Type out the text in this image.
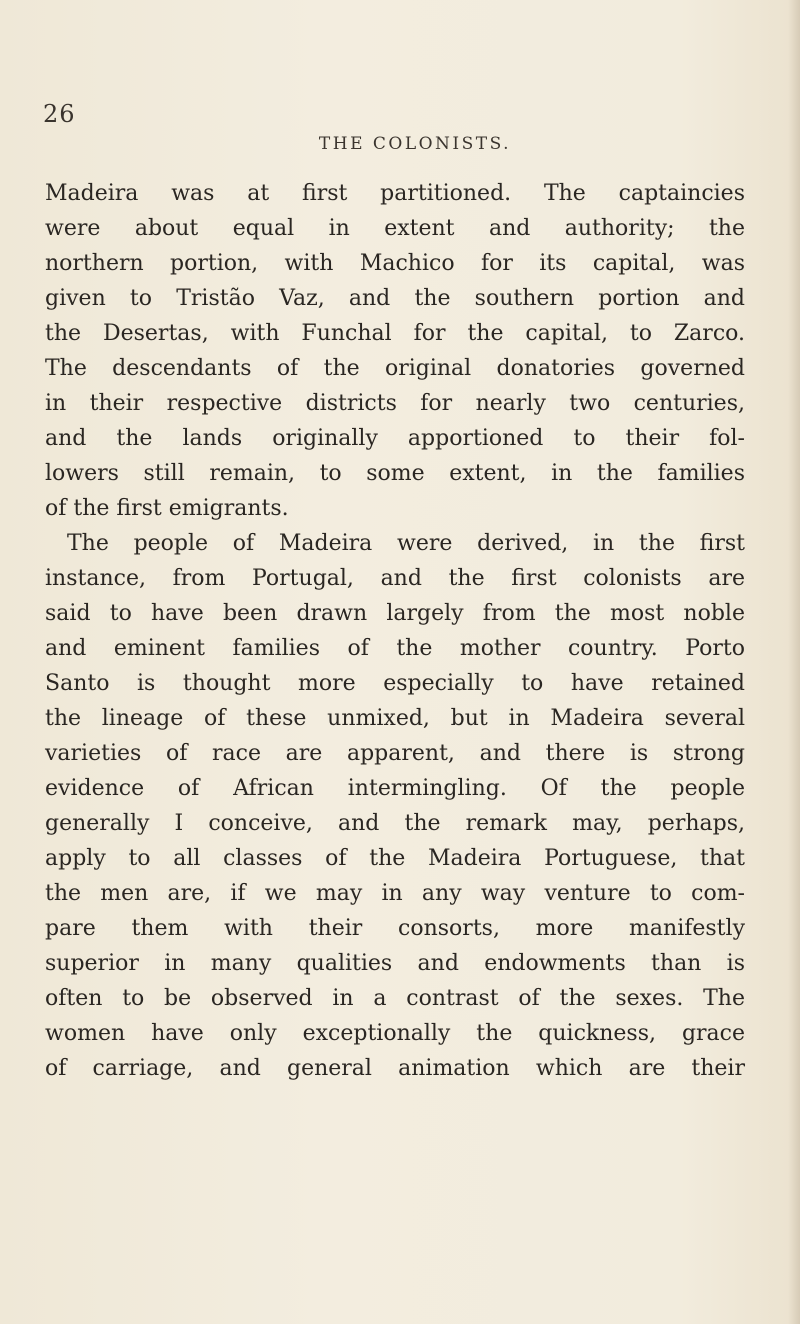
26
THE COLONISTS.
Madeira was at first partitioned. The captaincies
were about equal in extent and authority; the
northern portion, with Machico for its capital, was
given to Tristão Vaz, and the southern portion and
the Desertas, with Funchal for the capital, to Zarco.
The descendants of the original donatories governed
in their respective districts for nearly two centuries,
and the lands originally apportioned to their fol-
lowers still remain, to some extent, in the families
of the first emigrants.
The people of Madeira were derived, in the first
instance, from Portugal, and the first colonists are
said to have been drawn largely from the most noble
and eminent families of the mother country. Porto
Santo is thought more especially to have retained
the lineage of these unmixed, but in Madeira several
varieties of race are apparent, and there is strong
evidence of African intermingling. Of the people
generally I conceive, and the remark may, perhaps,
apply to all classes of the Madeira Portuguese, that
the men are, if we may in any way venture to com-
pare them with their consorts, more manifestly
superior in many qualities and endowments than is
often to be observed in a contrast of the sexes. The
women have only exceptionally the quickness, grace
of carriage, and general animation which are their
